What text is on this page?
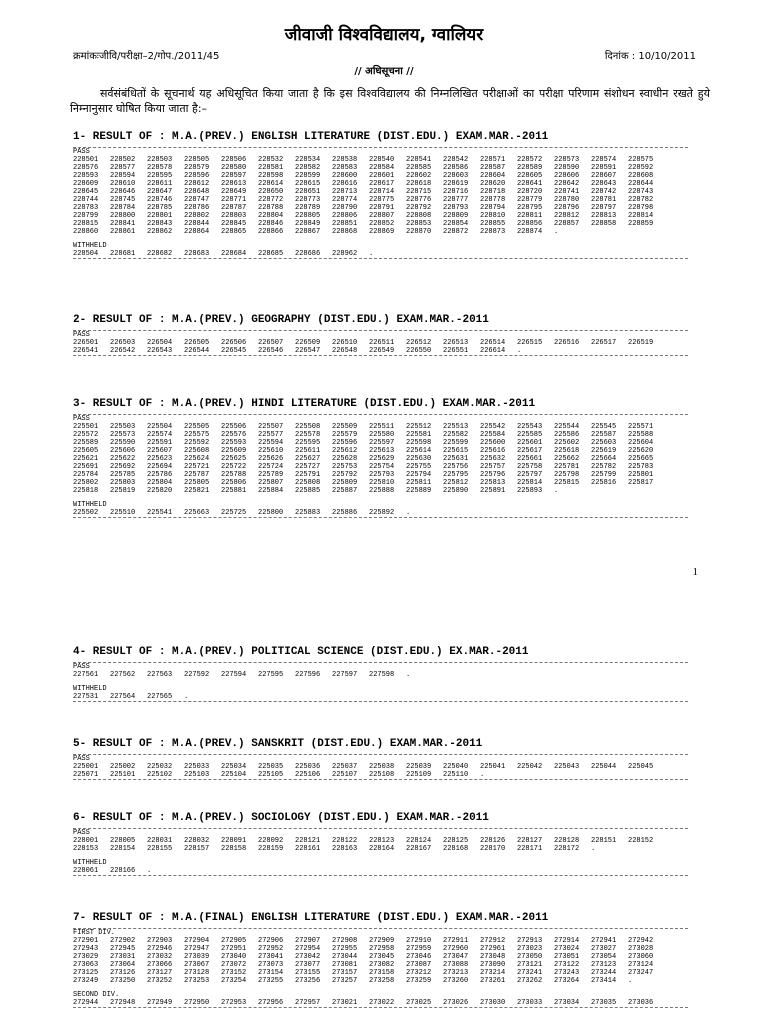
जीवाजी विश्वविद्यालय, ग्वालियर
क्रमांकःजीवि/परीक्षा–2/गोप./2011/45	दिनांक : 10/10/2011
// अधिसूचना //

सर्वसंबंधितों के सूचनार्थ यह अधिसूचित किया जाता है कि इस विश्वविद्यालय की निम्नलिखित परीक्षाओं का परीक्षा परिणाम संशोधन स्वाधीन रखते हुये निम्नानुसार घोषित किया जाता है:–

1- RESULT OF : M.A.(PREV.) ENGLISH LITERATURE (DIST.EDU.) EXAM.MAR.-2011
PASS
228501 228502 228503 228505 228506 228532 228534 228538 228540 228541 228542 228571 228572 228573 228574 228575
228576 228577 228578 228579 228580 228581 228582 228583 228584 228585 228586 228587 228589 228590 228591 228592
228593 228594 228595 228596 228597 228598 228599 228600 228601 228602 228603 228604 228605 228606 228607 228608
228609 228610 228611 228612 228613 228614 228615 228616 228617 228618 228619 228620 228641 228642 228643 228644
228645 228646 228647 228648 228649 228650 228651 228713 228714 228715 228716 228718 228720 228741 228742 228743
228744 228745 228746 228747 228771 228772 228773 228774 228775 228776 228777 228778 228779 228780 228781 228782
228783 228784 228785 228786 228787 228788 228789 228790 228791 228792 228793 228794 228795 228796 228797 228798
228799 228800 228801 228802 228803 228804 228805 228806 228807 228808 228809 228810 228811 228812 228813 228814
228815 228841 228843 228844 228845 228846 228849 228851 228852 228853 228854 228855 228856 228857 228858 228859
228860 228861 228862 228864 228865 228866 228867 228868 228869 228870 228872 228873 228874 .
WITHHELD
228504 228681 228682 228683 228684 228685 228686 228962 .
2- RESULT OF : M.A.(PREV.) GEOGRAPHY (DIST.EDU.) EXAM.MAR.-2011
PASS
226501 226503 226504 226505 226506 226507 226509 226510 226511 226512 226513 226514 226515 226516 226517 226519
226541 226542 226543 226544 226545 226546 226547 226548 226549 226550 226551 226614 .
3- RESULT OF : M.A.(PREV.) HINDI LITERATURE (DIST.EDU.) EXAM.MAR.-2011
PASS
225501 225503 225504 225505 225506 225507 225508 225509 225511 225512 225513 225542 225543 225544 225545 225571
225572 225573 225574 225575 225576 225577 225578 225579 225580 225581 225582 225584 225585 225586 225587 225588
225589 225590 225591 225592 225593 225594 225595 225596 225597 225598 225599 225600 225601 225602 225603 225604
225605 225606 225607 225608 225609 225610 225611 225612 225613 225614 225615 225616 225617 225618 225619 225620
225621 225622 225623 225624 225625 225626 225627 225628 225629 225630 225631 225632 225661 225662 225664 225665
225691 225692 225694 225721 225722 225724 225727 225753 225754 225755 225756 225757 225758 225781 225782 225783
225784 225785 225786 225787 225788 225789 225791 225792 225793 225794 225795 225796 225797 225798 225799 225801
225802 225803 225804 225805 225806 225807 225808 225809 225810 225811 225812 225813 225814 225815 225816 225817
225818 225819 225820 225821 225881 225884 225885 225887 225888 225889 225890 225891 225893 .
WITHHELD
225502 225510 225541 225663 225725 225800 225883 225886 225892 .
1
4- RESULT OF : M.A.(PREV.) POLITICAL SCIENCE (DIST.EDU.) EX.MAR.-2011
PASS
227561 227562 227563 227592 227594 227595 227596 227597 227598 .
WITHHELD
227531 227564 227565 .
5- RESULT OF : M.A.(PREV.) SANSKRIT (DIST.EDU.) EXAM.MAR.-2011
PASS
225001 225002 225032 225033 225034 225035 225036 225037 225038 225039 225040 225041 225042 225043 225044 225045
225071 225101 225102 225103 225104 225105 225106 225107 225108 225109 225110 .
6- RESULT OF : M.A.(PREV.) SOCIOLOGY (DIST.EDU.) EXAM.MAR.-2011
PASS
228001 228005 228031 228032 228091 228092 228121 228122 228123 228124 228125 228126 228127 228128 228151 228152
228153 228154 228155 228157 228158 228159 228161 228163 228164 228167 228168 228170 228171 228172 .
WITHHELD
228061 228166 .
7- RESULT OF : M.A.(FINAL) ENGLISH LITERATURE (DIST.EDU.) EXAM.MAR.-2011
FIRST DIV.
272901 272902 272903 272904 272905 272906 272907 272908 272909 272910 272911 272912 272913 272914 272941 272942
272943 272945 272946 272947 272951 272952 272954 272955 272958 272959 272960 272961 273023 273024 273027 273028
273029 273031 273032 273039 273040 273041 273042 273044 273045 273046 273047 273048 273050 273051 273054 273060
273063 273064 273066 273067 273072 273073 273077 273081 273082 273087 273088 273090 273121 273122 273123 273124
273125 273126 273127 273128 273152 273154 273155 273157 273158 273212 273213 273214 273241 273243 273244 273247
273249 273250 273252 273253 273254 273255 273256 273257 273258 273259 273260 273261 273262 273264 273414 .
SECOND DIV.
272944 272948 272949 272950 272953 272956 272957 273021 273022 273025 273026 273030 273033 273034 273035 273036
